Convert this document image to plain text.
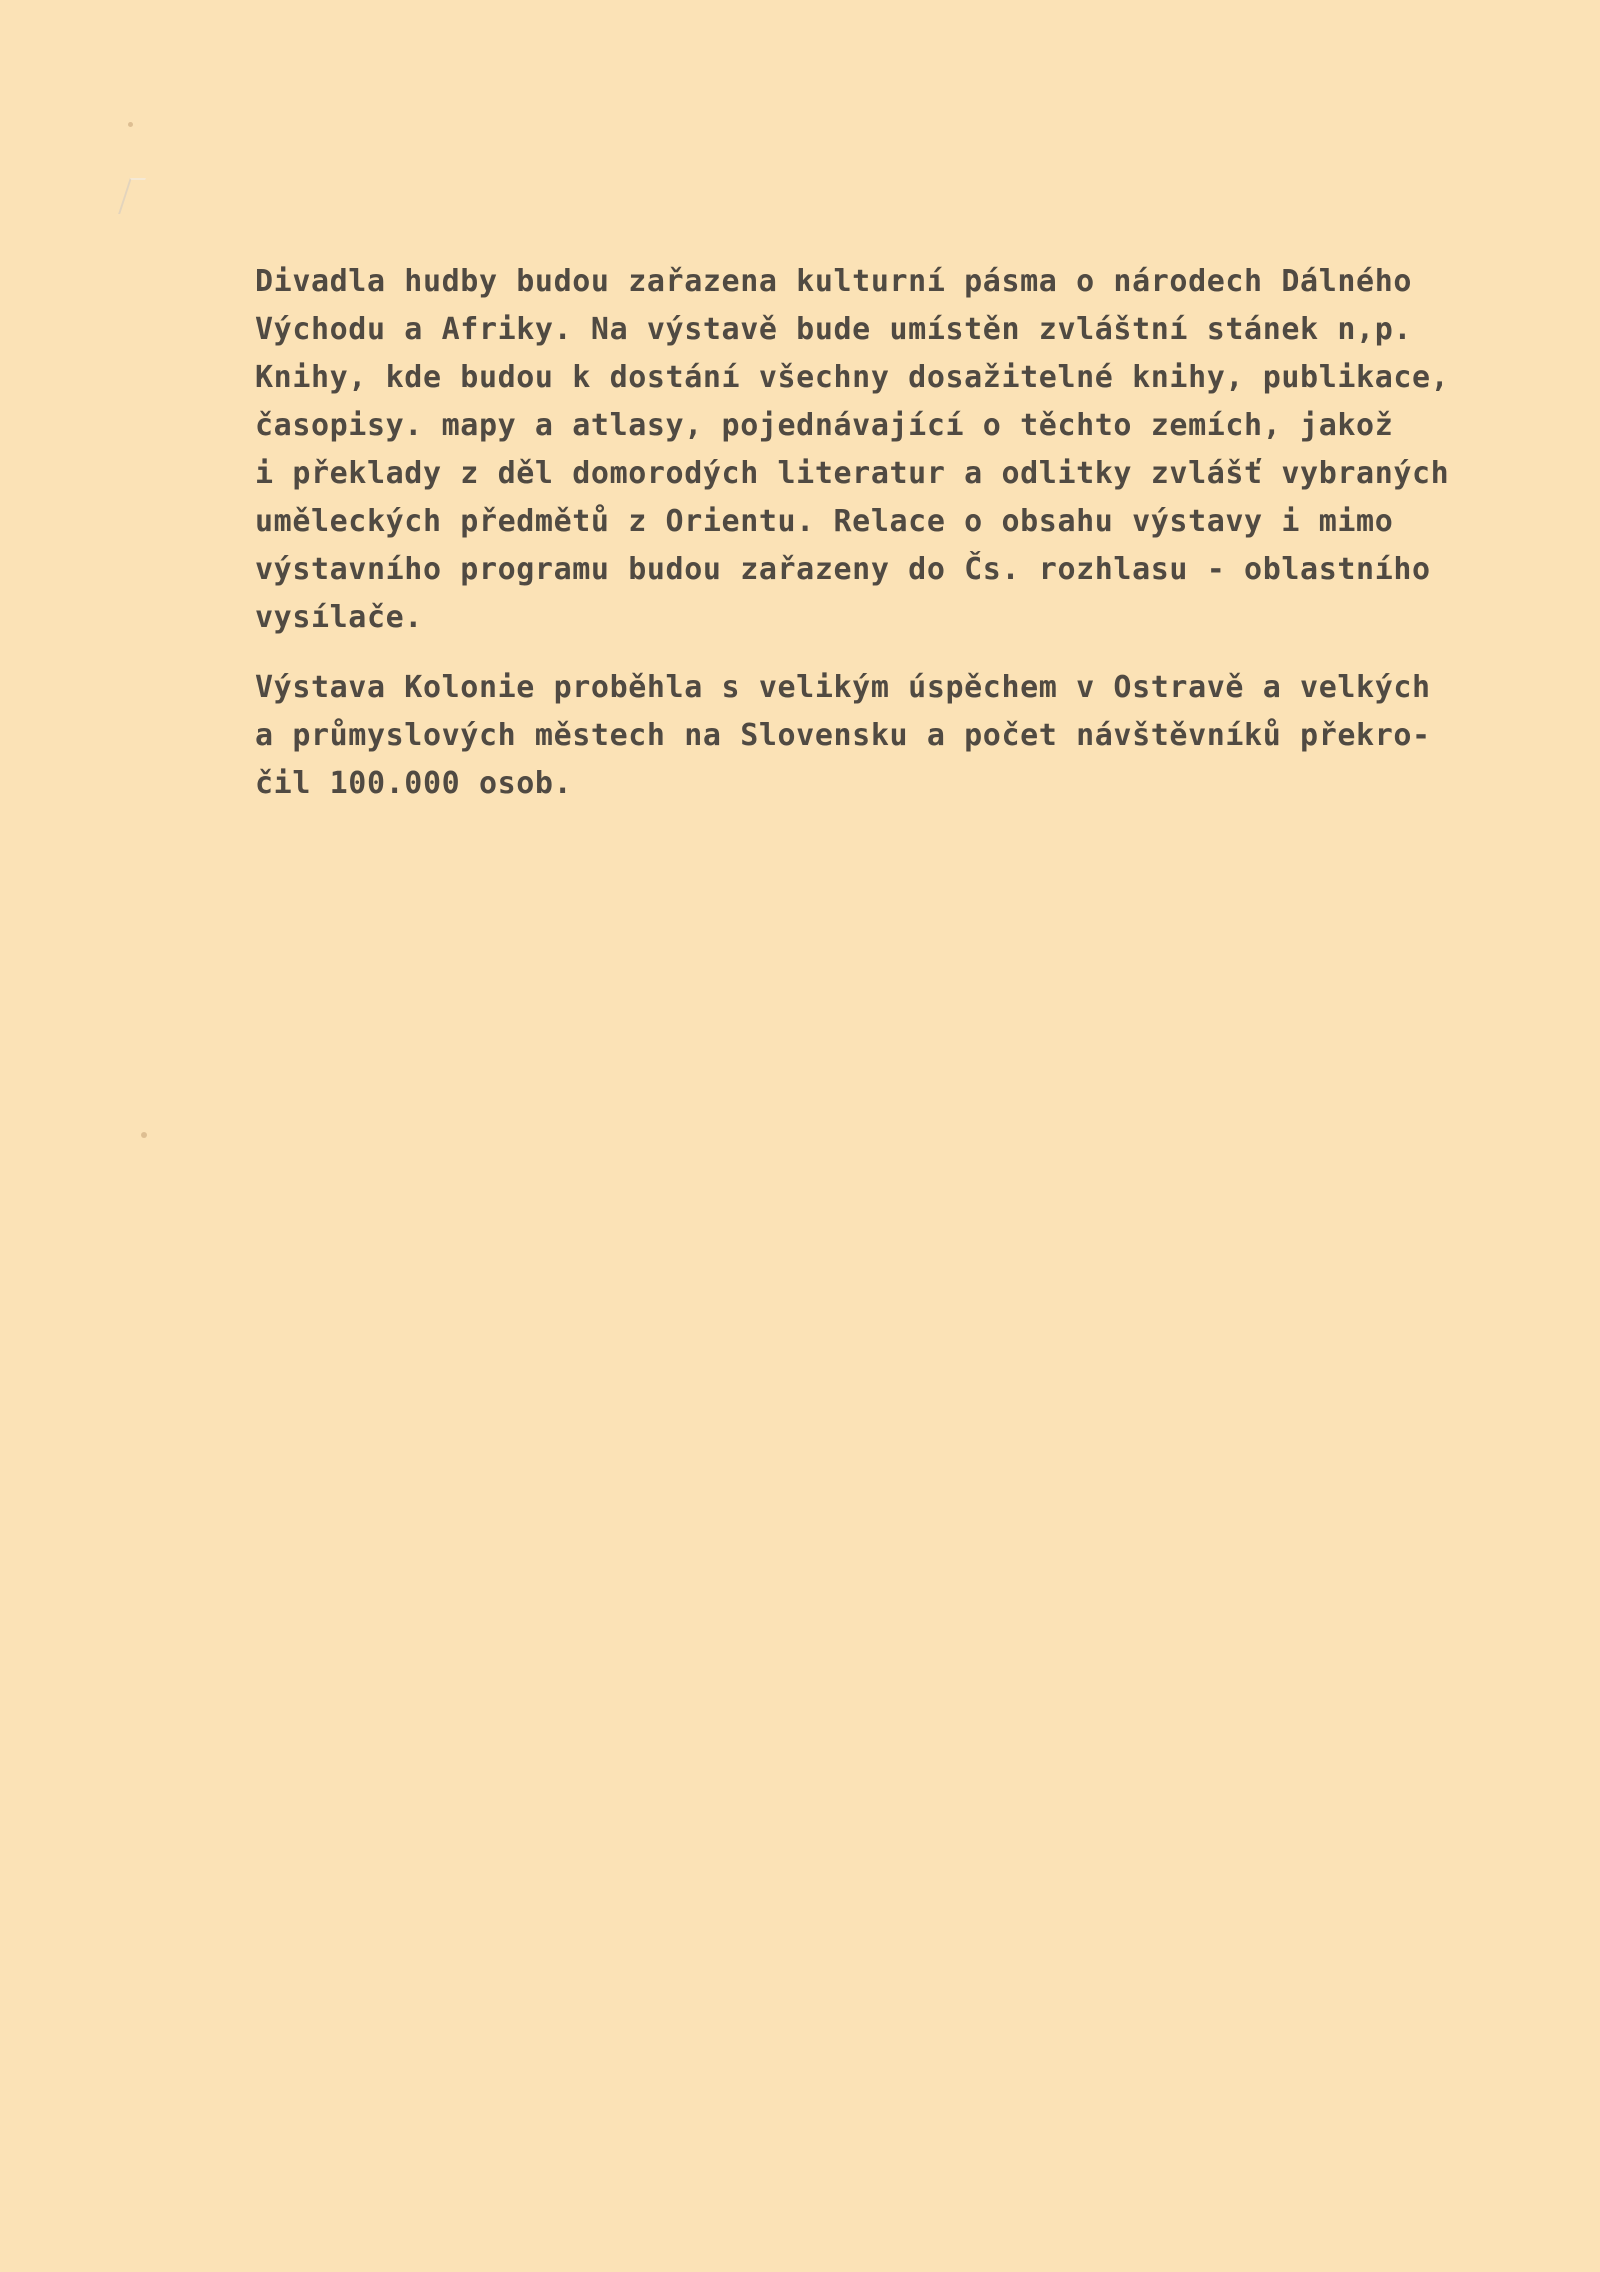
Divadla hudby budou zařazena kulturní pásma o národech Dálného
Východu a Afriky. Na výstavě bude umístěn zvláštní stánek n,p.
Knihy, kde budou k dostání všechny dosažitelné knihy, publikace,
časopisy. mapy a atlasy, pojednávající o těchto zemích, jakož
i překlady z děl domorodých literatur a odlitky zvlášť vybraných
uměleckých předmětů z Orientu. Relace o obsahu výstavy i mimo
výstavního programu budou zařazeny do Čs. rozhlasu - oblastního
vysílače.
Výstava Kolonie proběhla s velikým úspěchem v Ostravě a velkých
a průmyslových městech na Slovensku a počet návštěvníků překro-
čil 100.000 osob.
